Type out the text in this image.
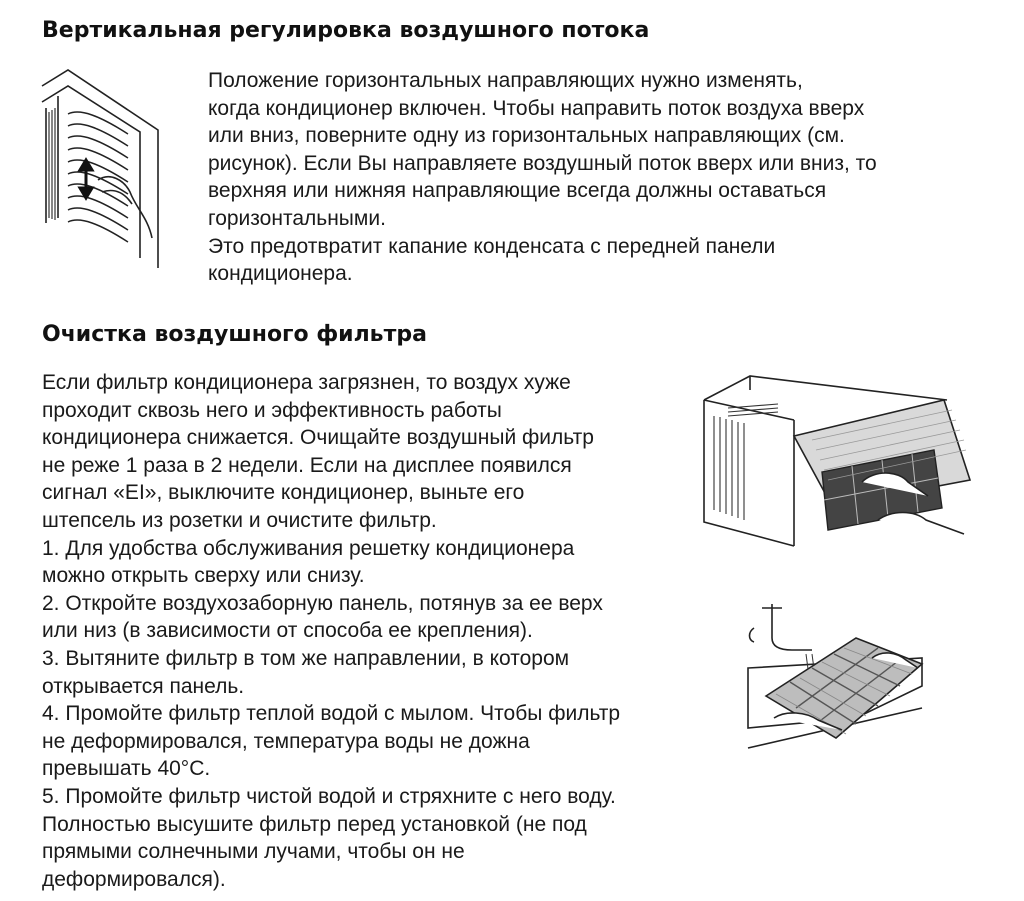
Вертикальная регулировка воздушного потока
Положение горизонтальных направляющих нужно изменять,
когда кондиционер включен. Чтобы направить поток воздуха вверх
или вниз, поверните одну из горизонтальных направляющих (см.
рисунок). Если Вы направляете воздушный поток вверх или вниз, то
верхняя или нижняя направляющие всегда должны оставаться
горизонтальными.
Это предотвратит капание конденсата с передней панели
кондиционера.
Очистка воздушного фильтра
Если фильтр кондиционера загрязнен, то воздух хуже
проходит сквозь него и эффективность работы
кондиционера снижается. Очищайте воздушный фильтр
не реже 1 раза в 2 недели. Если на дисплее появился
сигнал «EI», выключите кондиционер, выньте его
штепсель из розетки и очистите фильтр.
1. Для удобства обслуживания решетку кондиционера
можно открыть сверху или снизу.
2. Откройте воздухозаборную панель, потянув за ее верх
или низ (в зависимости от способа ее крепления).
3. Вытяните фильтр в том же направлении, в котором
открывается панель.
4. Промойте фильтр теплой водой с мылом. Чтобы фильтр
не деформировался, температура воды не дожна
превышать 40°C.
5. Промойте фильтр чистой водой и стряхните с него воду.
Полностью высушите фильтр перед установкой (не под
прямыми солнечными лучами, чтобы он не
деформировался).
